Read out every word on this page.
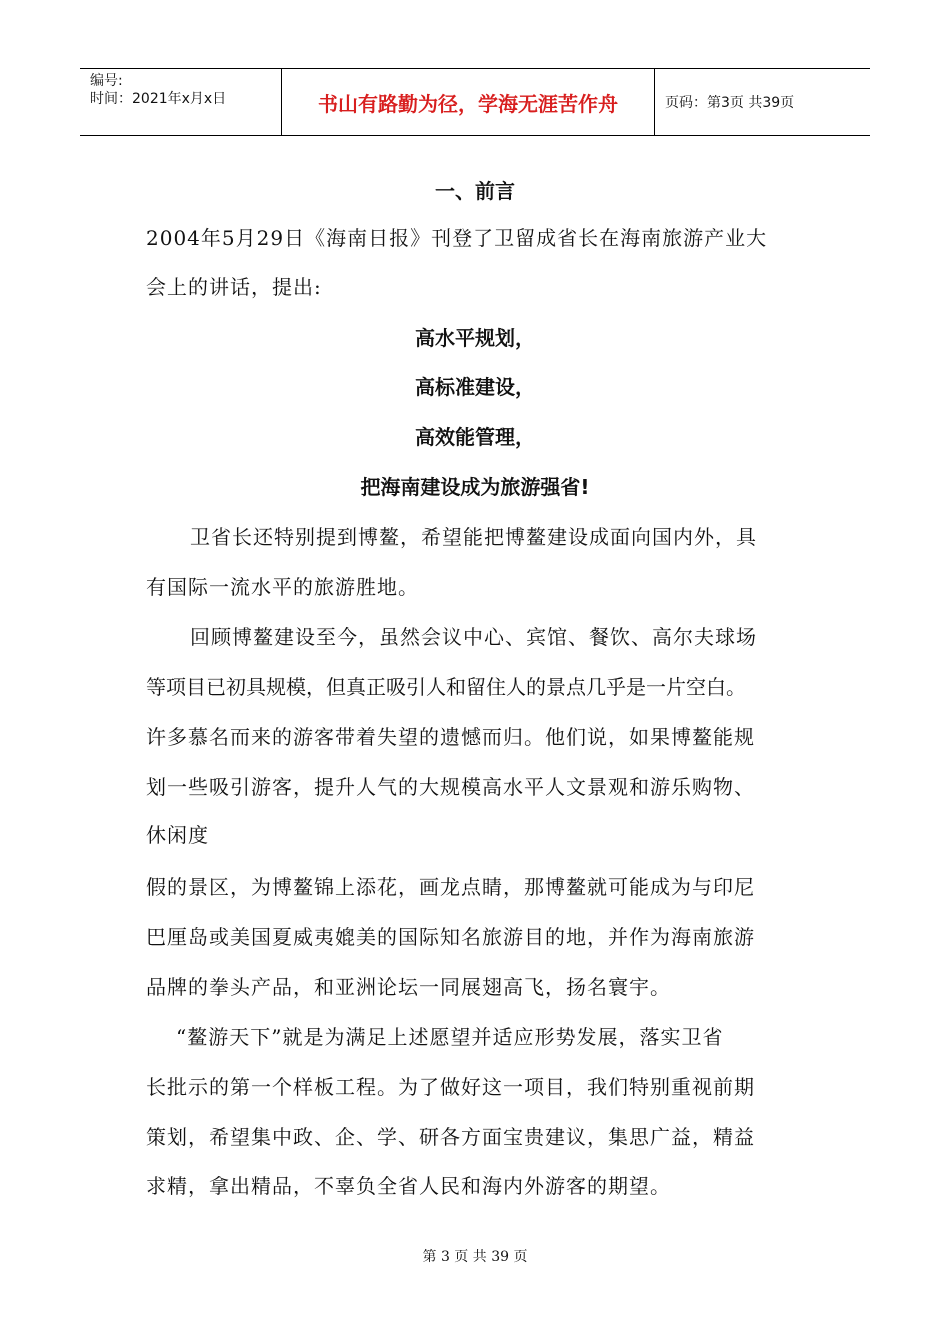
编号:
时间：2021年x月x日	书山有路勤为径，学海无涯苦作舟	页码：第3页 共39页
一、前言
2004年5月29日《海南日报》刊登了卫留成省长在海南旅游产业大
会上的讲话，提出:
高水平规划，
高标准建设，
高效能管理，
把海南建设成为旅游强省!
卫省长还特别提到博鳌，希望能把博鳌建设成面向国内外，具
有国际一流水平的旅游胜地。
回顾博鳌建设至今，虽然会议中心、宾馆、餐饮、高尔夫球场
等项目已初具规模，但真正吸引人和留住人的景点几乎是一片空白。
许多慕名而来的游客带着失望的遗憾而归。他们说，如果博鳌能规
划一些吸引游客，提升人气的大规模高水平人文景观和游乐购物、
休闲度
假的景区，为博鳌锦上添花，画龙点睛，那博鳌就可能成为与印尼
巴厘岛或美国夏威夷媲美的国际知名旅游目的地，并作为海南旅游
品牌的拳头产品，和亚洲论坛一同展翅高飞，扬名寰宇。
“鳌游天下”就是为满足上述愿望并适应形势发展，落实卫省
长批示的第一个样板工程。为了做好这一项目，我们特别重视前期
策划，希望集中政、企、学、研各方面宝贵建议，集思广益，精益
求精，拿出精品，不辜负全省人民和海内外游客的期望。
第 3 页 共 39 页
